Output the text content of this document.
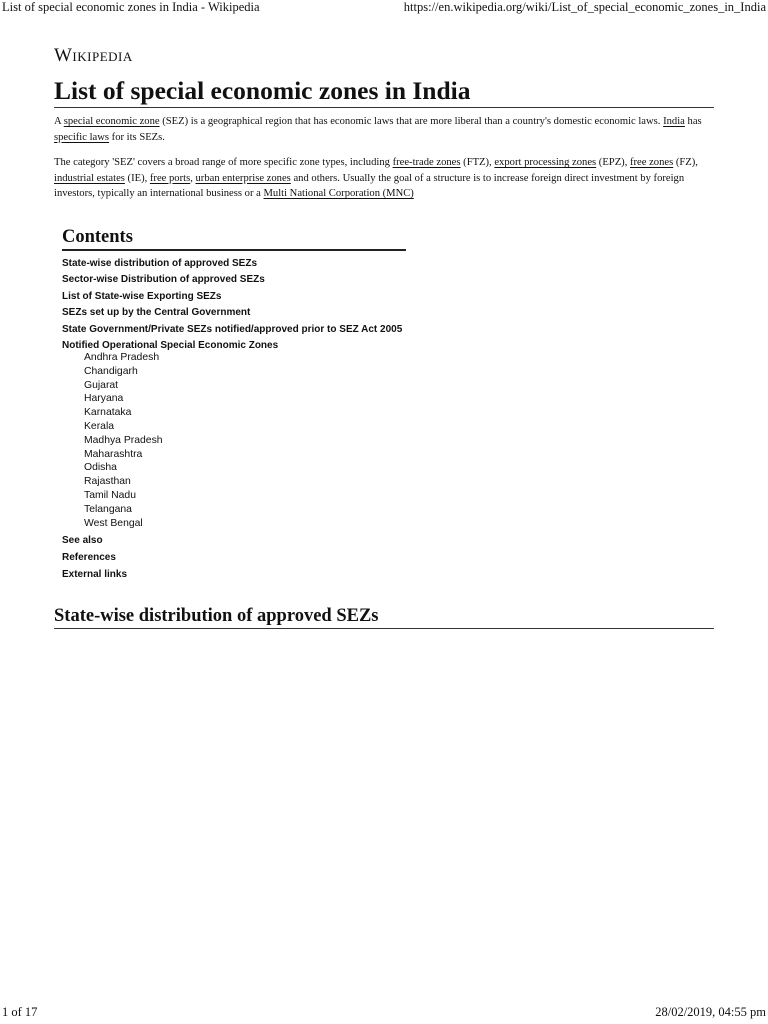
List of special economic zones in India - Wikipedia	https://en.wikipedia.org/wiki/List_of_special_economic_zones_in_India
Wikipedia
List of special economic zones in India

A special economic zone (SEZ) is a geographical region that has economic laws that are more liberal than a country's domestic economic laws. India has specific laws for its SEZs.

The category 'SEZ' covers a broad range of more specific zone types, including free-trade zones (FTZ), export processing zones (EPZ), free zones (FZ), industrial estates (IE), free ports, urban enterprise zones and others. Usually the goal of a structure is to increase foreign direct investment by foreign investors, typically an international business or a Multi National Corporation (MNC)

Contents
State-wise distribution of approved SEZs
Sector-wise Distribution of approved SEZs
List of State-wise Exporting SEZs
SEZs set up by the Central Government
State Government/Private SEZs notified/approved prior to SEZ Act 2005
Notified Operational Special Economic Zones
Andhra Pradesh
Chandigarh
Gujarat
Haryana
Karnataka
Kerala
Madhya Pradesh
Maharashtra
Odisha
Rajasthan
Tamil Nadu
Telangana
West Bengal
See also
References
External links
State-wise distribution of approved SEZs
1 of 17	28/02/2019, 04:55 pm
